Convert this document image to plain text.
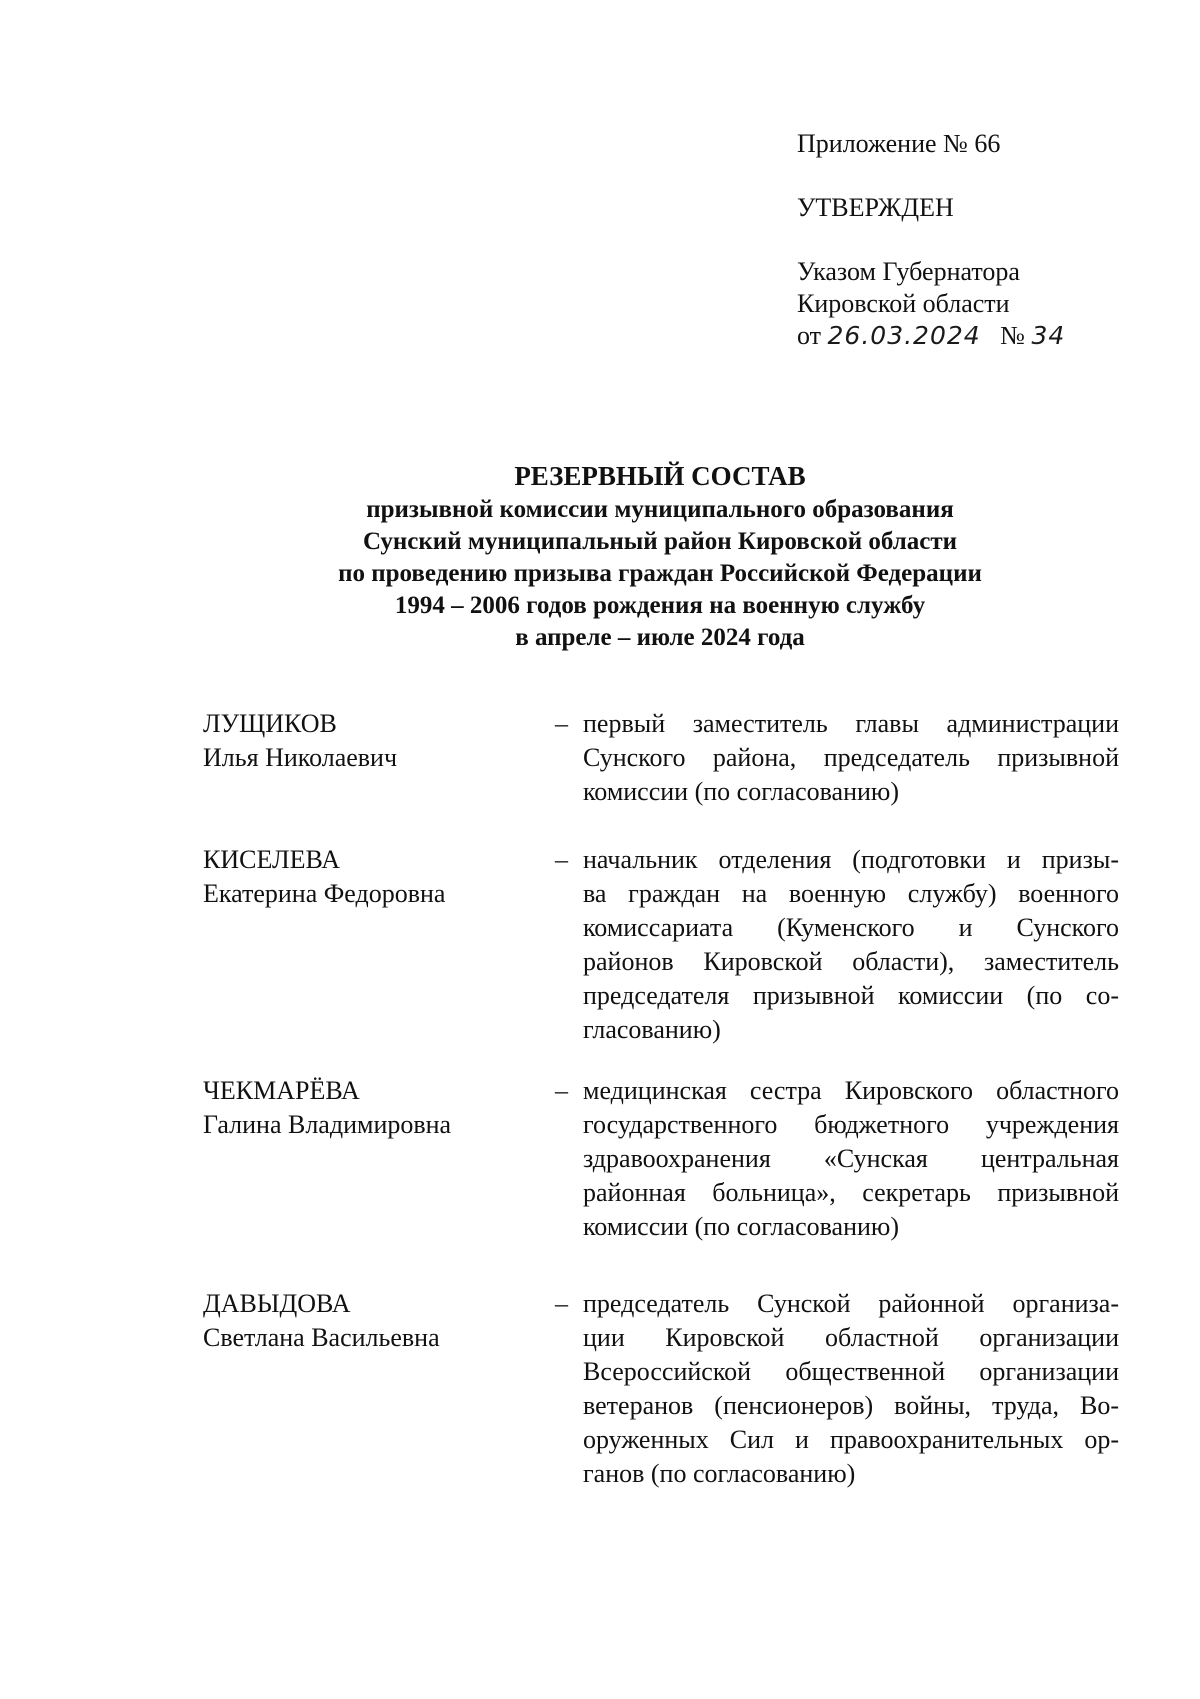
Приложение № 66
УТВЕРЖДЕН
Указом Губернатора
Кировской области
от 26.03.2024 № 34
РЕЗЕРВНЫЙ СОСТАВ
призывной комиссии муниципального образования
Сунский муниципальный район Кировской области
по проведению призыва граждан Российской Федерации
1994 – 2006 годов рождения на военную службу
в апреле – июле 2024 года
ЛУЩИКОВ
Илья Николаевич
– первый заместитель главы администрации
Сунского района, председатель призывной
комиссии (по согласованию)
КИСЕЛЕВА
Екатерина Федоровна
– начальник отделения (подготовки и призы-
ва граждан на военную службу) военного
комиссариата (Куменского и Сунского
районов Кировской области), заместитель
председателя призывной комиссии (по со-
гласованию)
ЧЕКМАРЁВА
Галина Владимировна
– медицинская сестра Кировского областного
государственного бюджетного учреждения
здравоохранения «Сунская центральная
районная больница», секретарь призывной
комиссии (по согласованию)
ДАВЫДОВА
Светлана Васильевна
– председатель Сунской районной организа-
ции Кировской областной организации
Всероссийской общественной организации
ветеранов (пенсионеров) войны, труда, Во-
оруженных Сил и правоохранительных ор-
ганов (по согласованию)
